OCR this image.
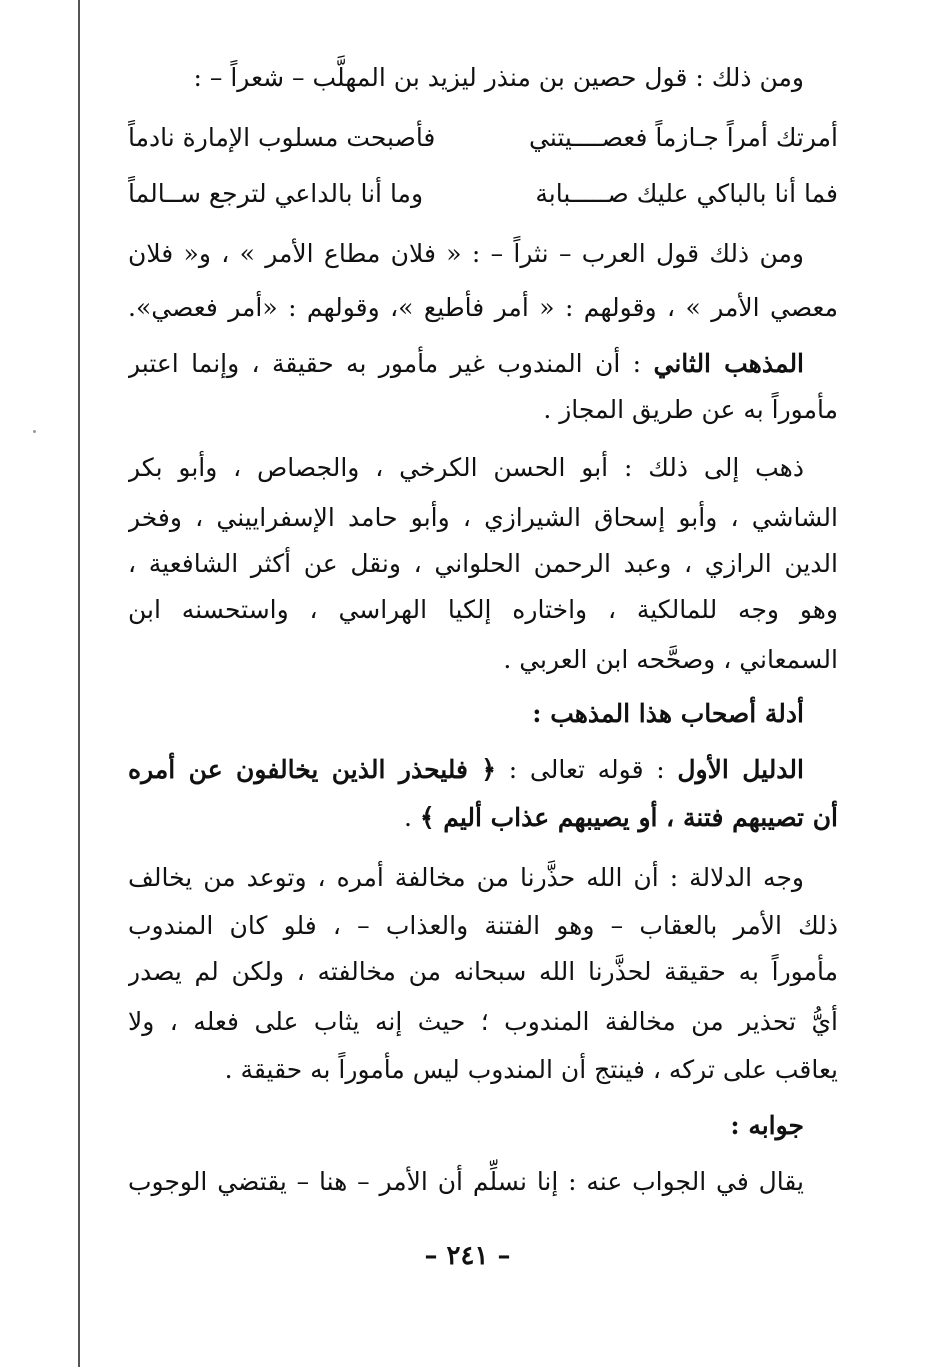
ومن ذلك : قول حصين بن منذر ليزيد بن المهلَّب – شعراً – :
أمرتك أمراً جـازماً فعصــــيتني
فأصبحت مسلوب الإمارة نادماً
فما أنا بالباكي عليك صـــــبابة
وما أنا بالداعي لترجع ســالماً
ومن ذلك قول العرب – نثراً – : « فلان مطاع الأمر » ، و« فلان
معصي الأمر » ، وقولهم : « أمر فأطيع »، وقولهم : «أمر فعصي».
المذهب الثاني : أن المندوب غير مأمور به حقيقة ، وإنما اعتبر
مأموراً به عن طريق المجاز .
ذهب إلى ذلك : أبو الحسن الكرخي ، والجصاص ، وأبو بكر
الشاشي ، وأبو إسحاق الشيرازي ، وأبو حامد الإسفراييني ، وفخر
الدين الرازي ، وعبد الرحمن الحلواني ، ونقل عن أكثر الشافعية ،
وهو وجه للمالكية ، واختاره إلكيا الهراسي ، واستحسنه ابن
السمعاني ، وصحَّحه ابن العربي .
أدلة أصحاب هذا المذهب :
الدليل الأول : قوله تعالى : ﴿ فليحذر الذين يخالفون عن أمره
أن تصيبهم فتنة ، أو يصيبهم عذاب أليم ﴾ .
وجه الدلالة : أن الله حذَّرنا من مخالفة أمره ، وتوعد من يخالف
ذلك الأمر بالعقاب – وهو الفتنة والعذاب – ، فلو كان المندوب
مأموراً به حقيقة لحذَّرنا الله سبحانه من مخالفته ، ولكن لم يصدر
أيُّ تحذير من مخالفة المندوب ؛ حيث إنه يثاب على فعله ، ولا
يعاقب على تركه ، فينتج أن المندوب ليس مأموراً به حقيقة .
جوابه :
يقال في الجواب عنه : إنا نسلِّم أن الأمر – هنا – يقتضي الوجوب
– ٢٤١ –
